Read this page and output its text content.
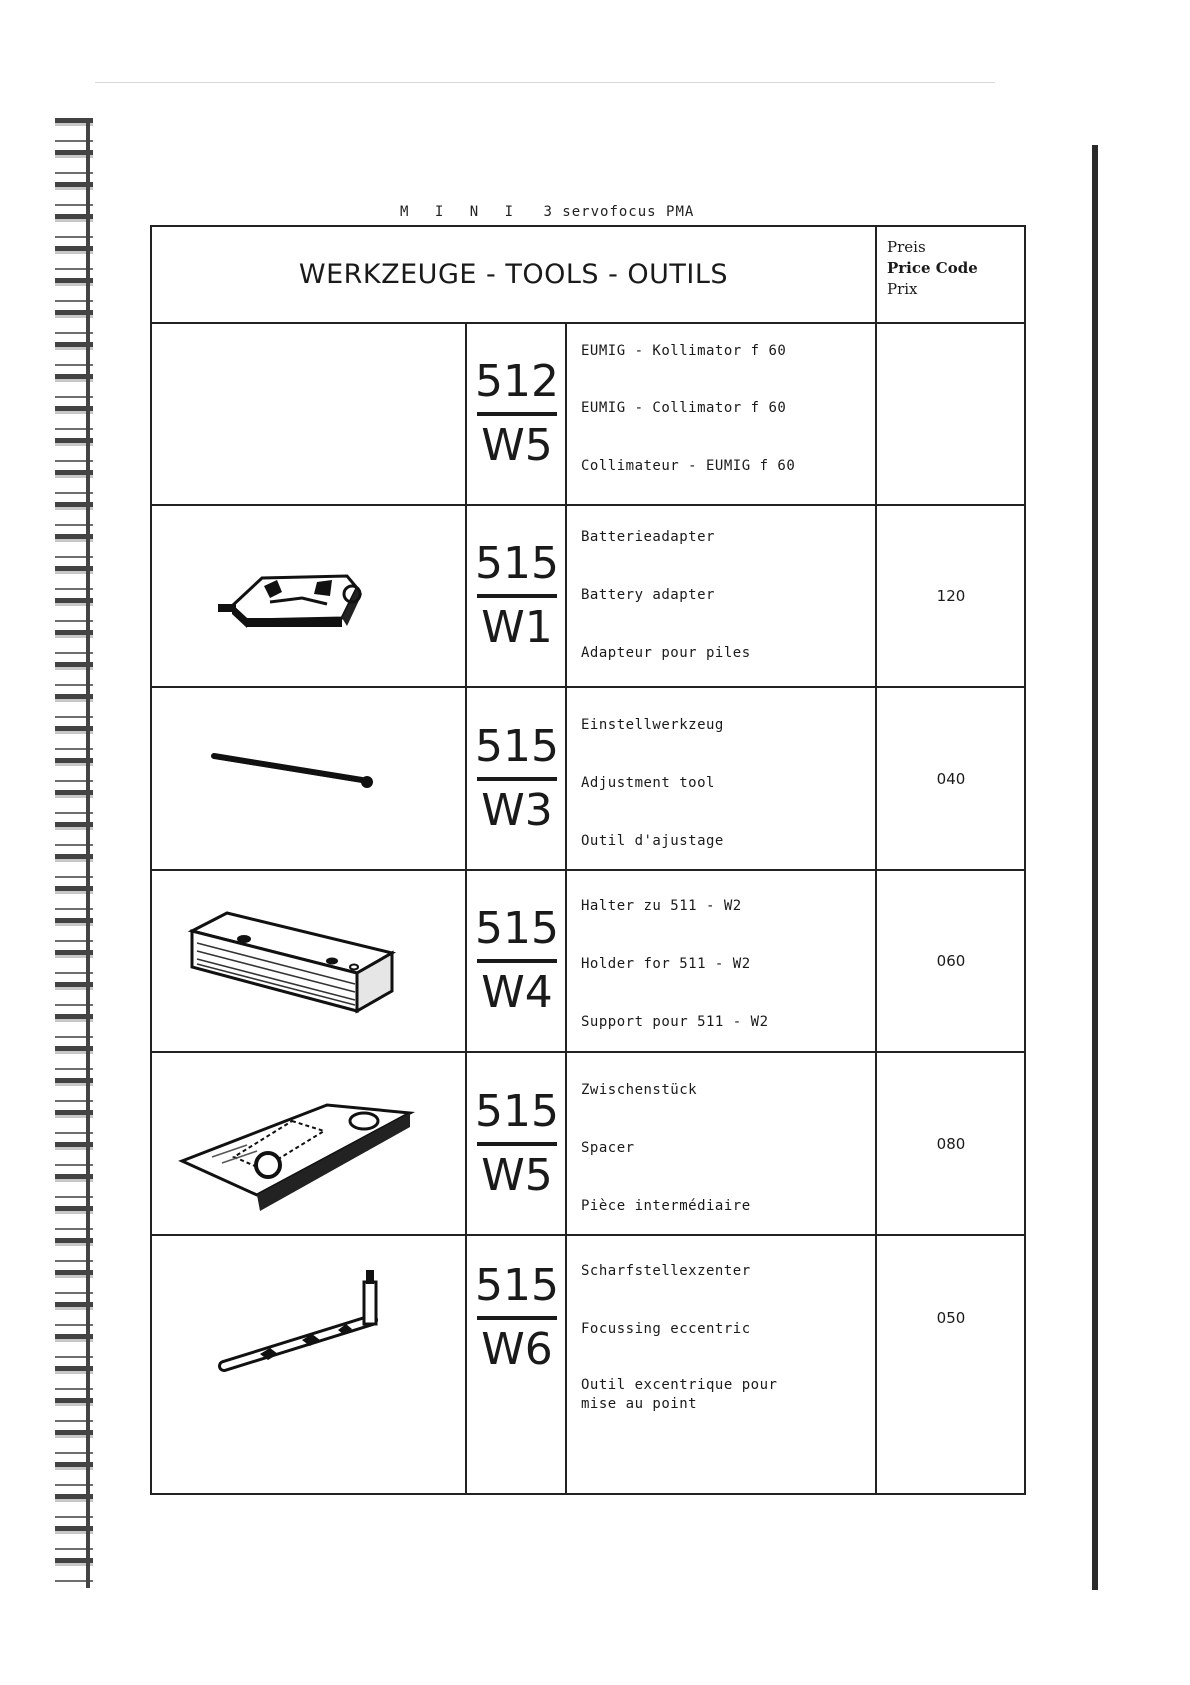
M I N I 3 servofocus PMA
WERKZEUGE - TOOLS - OUTILS
Preis
Price Code
Prix
512
W5
EUMIG - Kollimator f 60
EUMIG - Collimator f 60
Collimateur - EUMIG f 60
515
W1
Batterieadapter
Battery adapter
Adapteur pour piles
120
515
W3
Einstellwerkzeug
Adjustment tool
Outil d'ajustage
040
515
W4
Halter zu 511 - W2
Holder for 511 - W2
Support pour 511 - W2
060
515
W5
Zwischenstück
Spacer
Pièce intermédiaire
080
515
W6
Scharfstellexzenter
Focussing eccentric
Outil excentrique pour mise au point
050
